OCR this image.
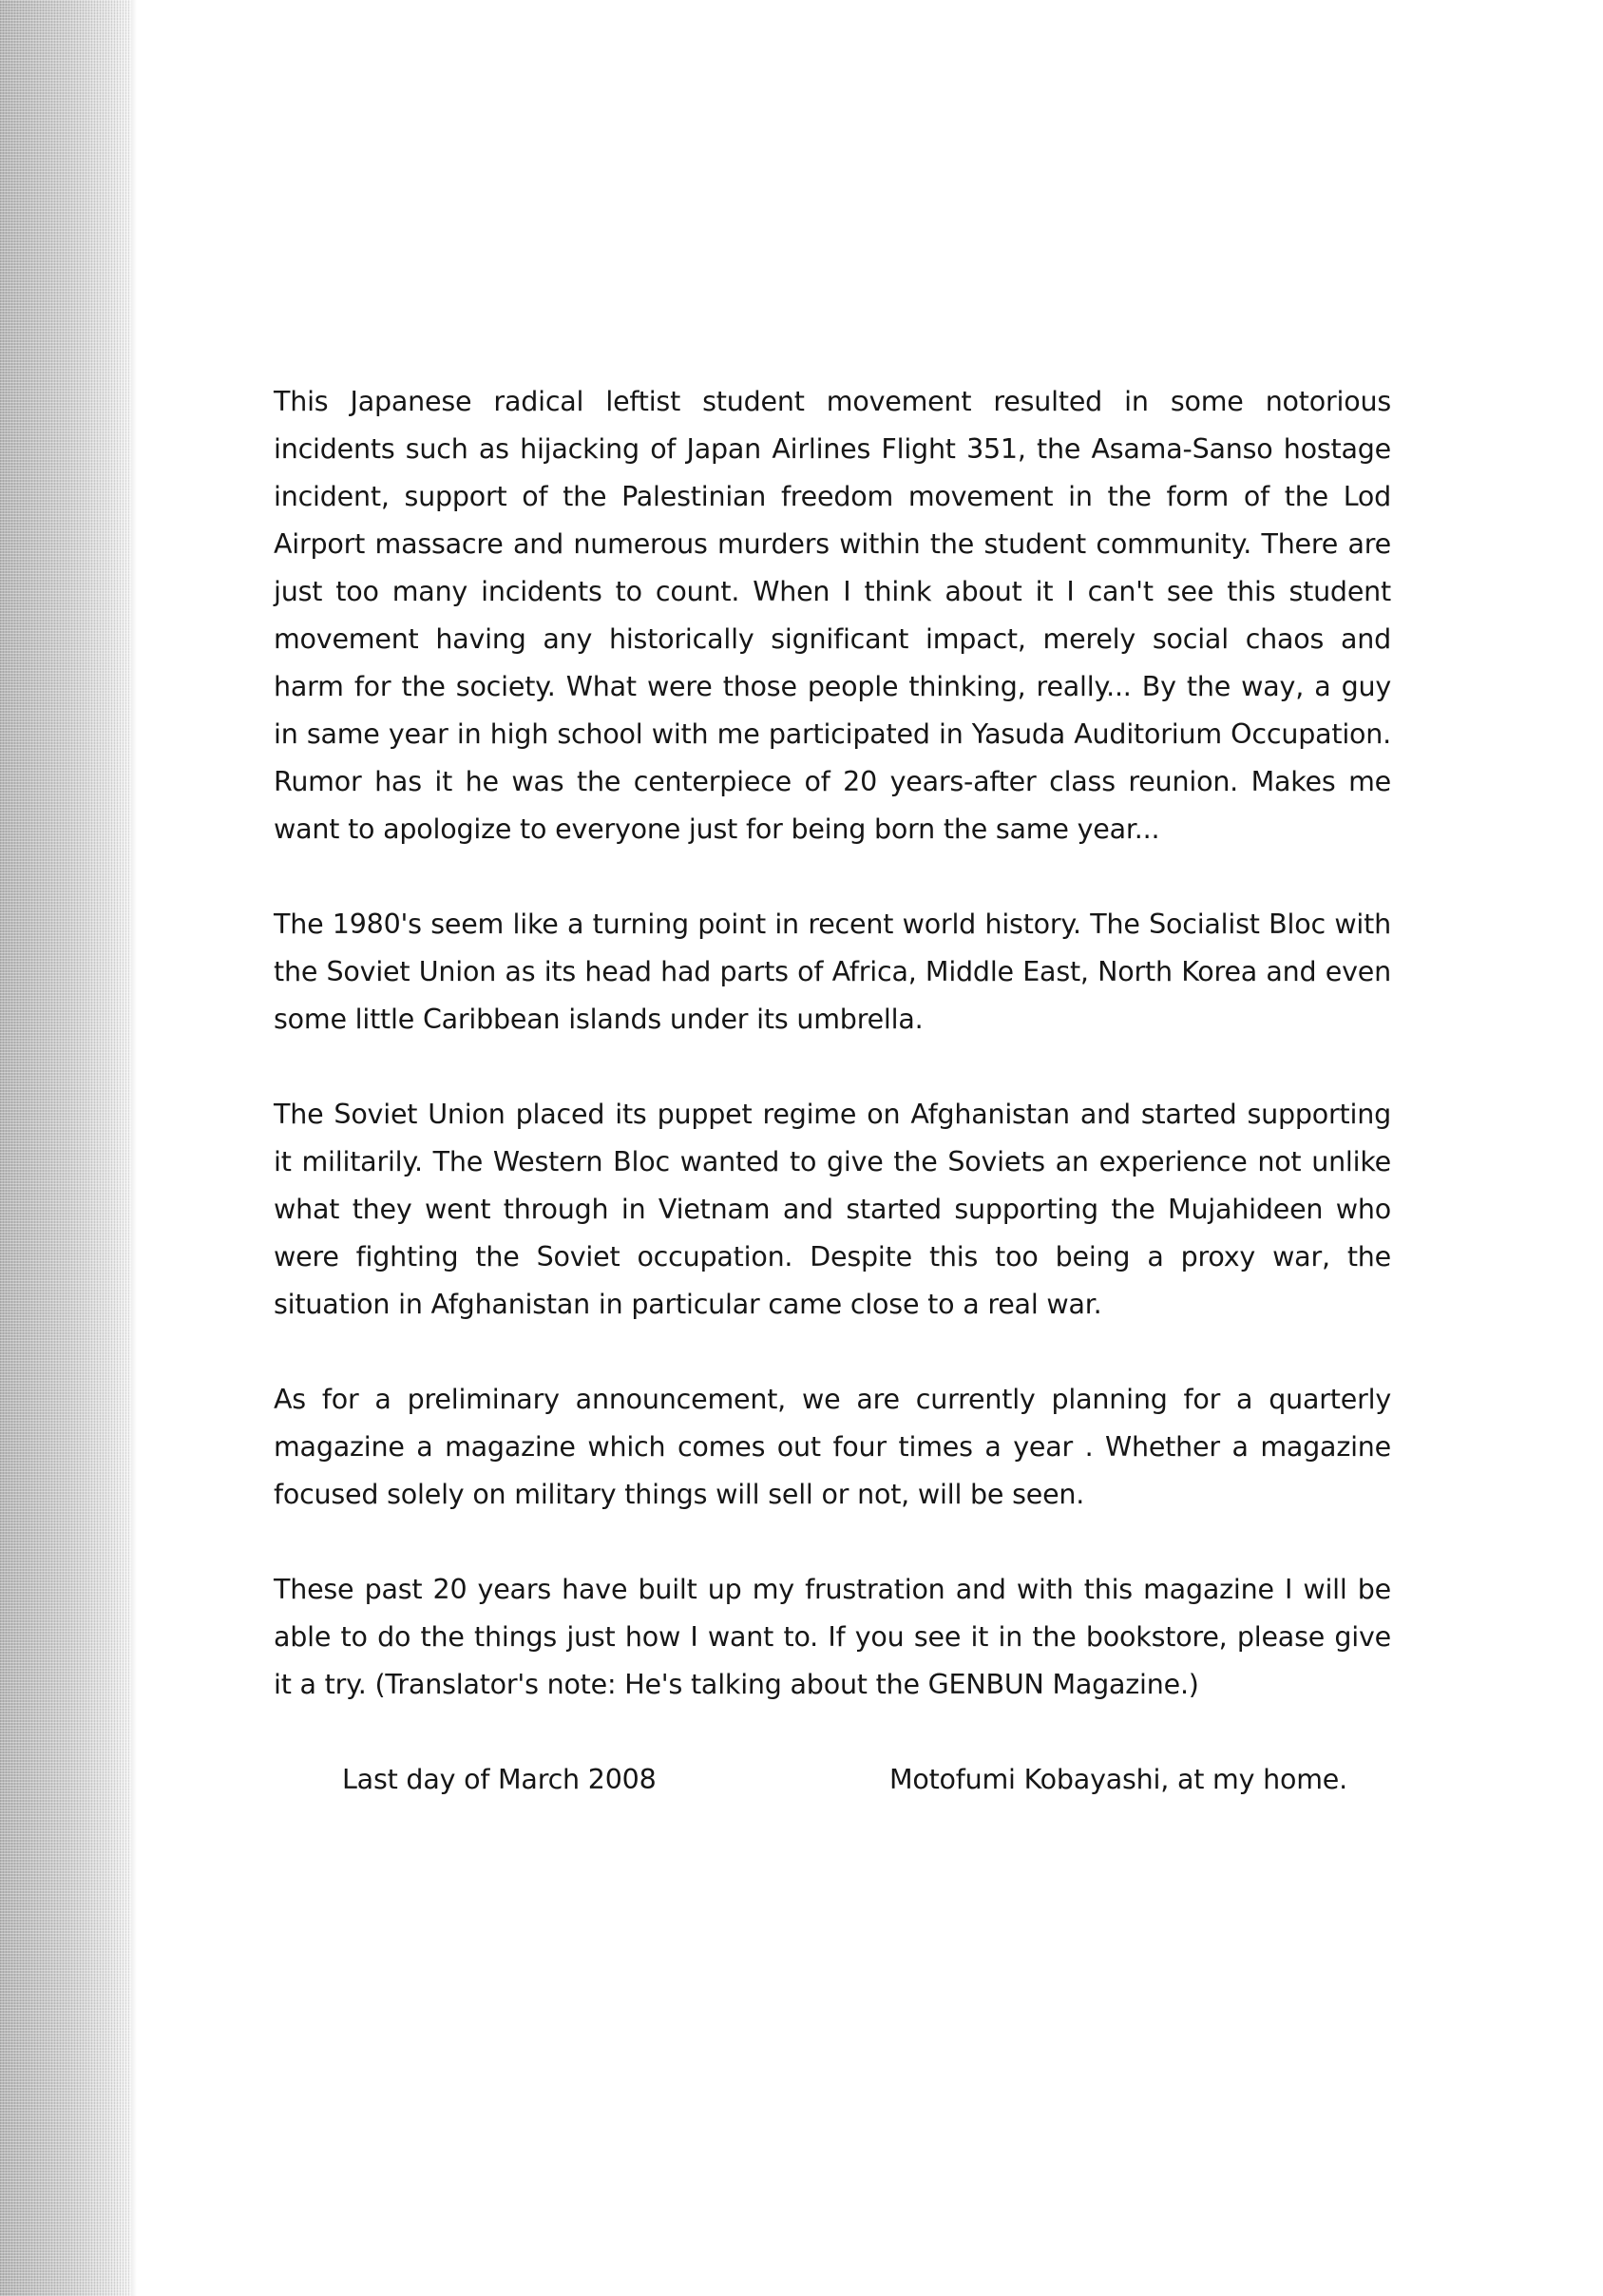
This Japanese radical leftist student movement resulted in some notorious incidents such as hijacking of Japan Airlines Flight 351, the Asama-Sanso hostage incident, support of the Palestinian freedom movement in the form of the Lod Airport massacre and numerous murders within the student community. There are just too many incidents to count. When I think about it I can't see this student movement having any historically significant impact, merely social chaos and harm for the society. What were those people thinking, really... By the way, a guy in same year in high school with me participated in Yasuda Auditorium Occupation. Rumor has it he was the centerpiece of 20 years-after class reunion. Makes me want to apologize to everyone just for being born the same year...

The 1980's seem like a turning point in recent world history. The Socialist Bloc with the Soviet Union as its head had parts of Africa, Middle East, North Korea and even some little Caribbean islands under its umbrella.

The Soviet Union placed its puppet regime on Afghanistan and started supporting it militarily. The Western Bloc wanted to give the Soviets an experience not unlike what they went through in Vietnam and started supporting the Mujahideen who were fighting the Soviet occupation. Despite this too being a proxy war, the situation in Afghanistan in particular came close to a real war.

As for a preliminary announcement, we are currently planning for a quarterly magazine a magazine which comes out four times a year . Whether a magazine focused solely on military things will sell or not, will be seen.

These past 20 years have built up my frustration and with this magazine I will be able to do the things just how I want to. If you see it in the bookstore, please give it a try. (Translator's note: He's talking about the GENBUN Magazine.)

Last day of March 2008	Motofumi Kobayashi, at my home.
